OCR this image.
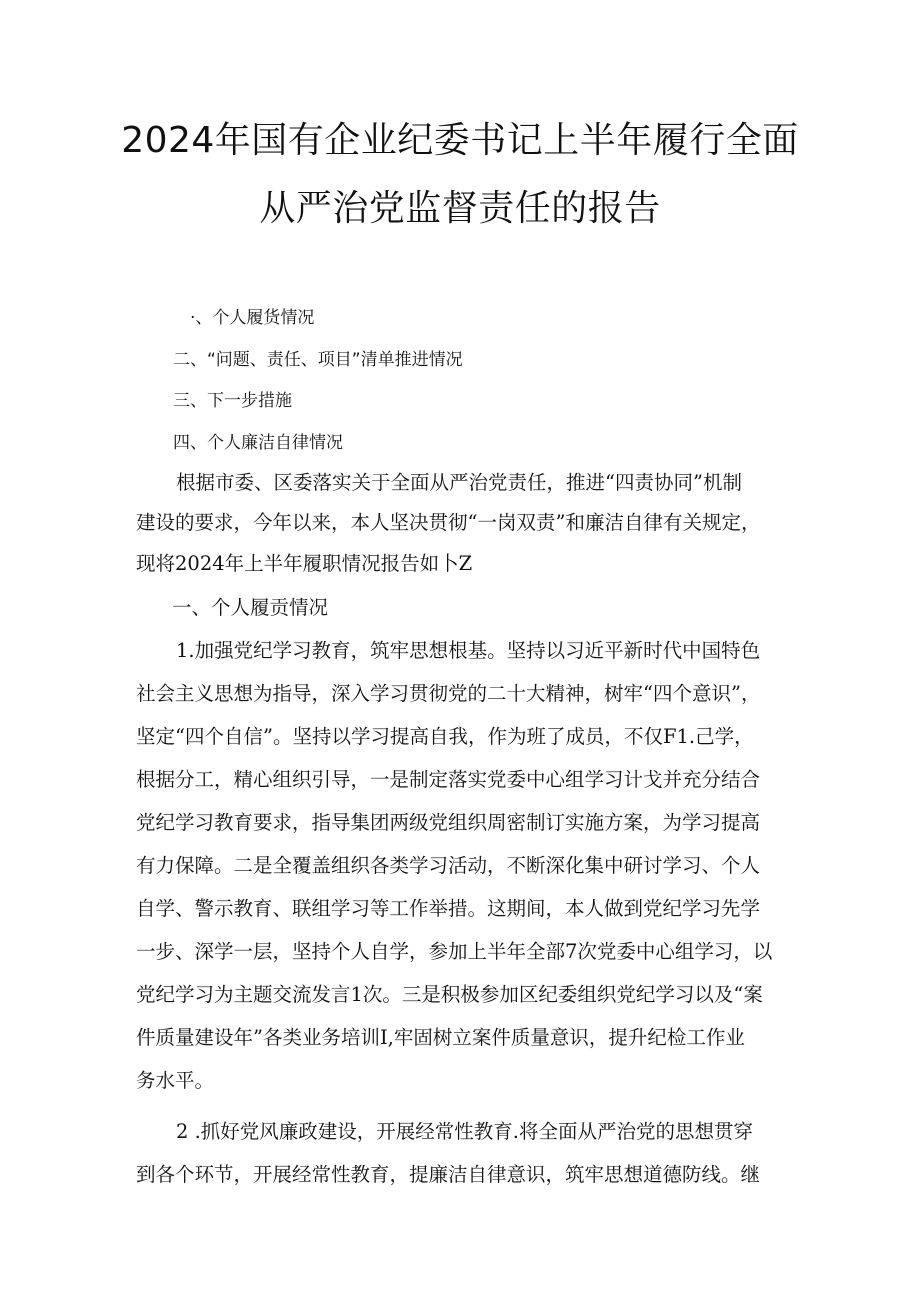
2024年国有企业纪委书记上半年履行全面
从严治党监督责任的报告
·、个人履货情况
二、“问题、责任、项目”清单推进情况
三、下一步措施
四、个人廉洁自律情况
根据市委、区委落实关于全面从严治党责任，推进“四责协同”机制
建设的要求，今年以来，本人坚决贯彻“一岗双责”和廉洁自律有关规定，
现将2024年上半年履职情况报告如卜Z
一、个人履贡情况
1.加强党纪学习教育，筑牢思想根基。坚持以习近平新时代中国特色
社会主义思想为指导，深入学习贯彻党的二十大精神，树牢“四个意识”，
坚定“四个自信”。坚持以学习提高自我，作为班了成员，不仅F1.己学，
根据分工，精心组织引导，一是制定落实党委中心组学习计戈并充分结合
党纪学习教育要求，指导集团两级党组织周密制订实施方案，为学习提高
有力保障。二是全覆盖组织各类学习活动，不断深化集中研讨学习、个人
自学、警示教育、联组学习等工作举措。这期间，本人做到党纪学习先学
一步、深学一层，坚持个人自学，参加上半年全部7次党委中心组学习，以
党纪学习为主题交流发言1次。三是积极参加区纪委组织党纪学习以及“案
件质量建设年”各类业务培训I,牢固树立案件质量意识，提升纪检工作业
务水平。
2 .抓好党风廉政建设，开展经常性教育.将全面从严治党的思想贯穿
到各个环节，开展经常性教育，提廉洁自律意识，筑牢思想道德防线。继
